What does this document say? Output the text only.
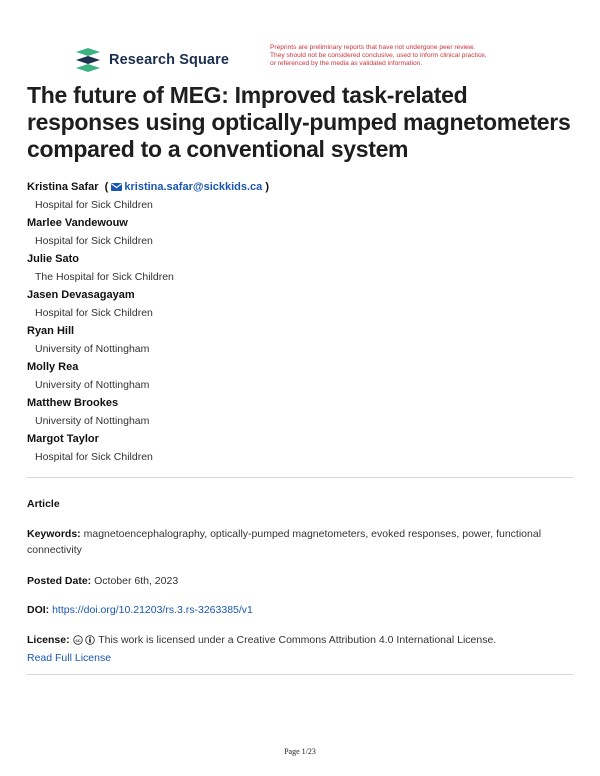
Research Square
Preprints are preliminary reports that have not undergone peer review.
They should not be considered conclusive, used to inform clinical practice,
or referenced by the media as validated information.
The future of MEG: Improved task-related responses using optically-pumped magnetometers compared to a conventional system
Kristina Safar  ( kristina.safar@sickkids.ca )
Hospital for Sick Children
Marlee Vandewouw
Hospital for Sick Children
Julie Sato
The Hospital for Sick Children
Jasen Devasagayam
Hospital for Sick Children
Ryan Hill
University of Nottingham
Molly Rea
University of Nottingham
Matthew Brookes
University of Nottingham
Margot Taylor
Hospital for Sick Children
Article
Keywords: magnetoencephalography, optically-pumped magnetometers, evoked responses, power, functional connectivity
Posted Date: October 6th, 2023
DOI: https://doi.org/10.21203/rs.3.rs-3263385/v1
License: cc This work is licensed under a Creative Commons Attribution 4.0 International License.
Read Full License
Page 1/23
